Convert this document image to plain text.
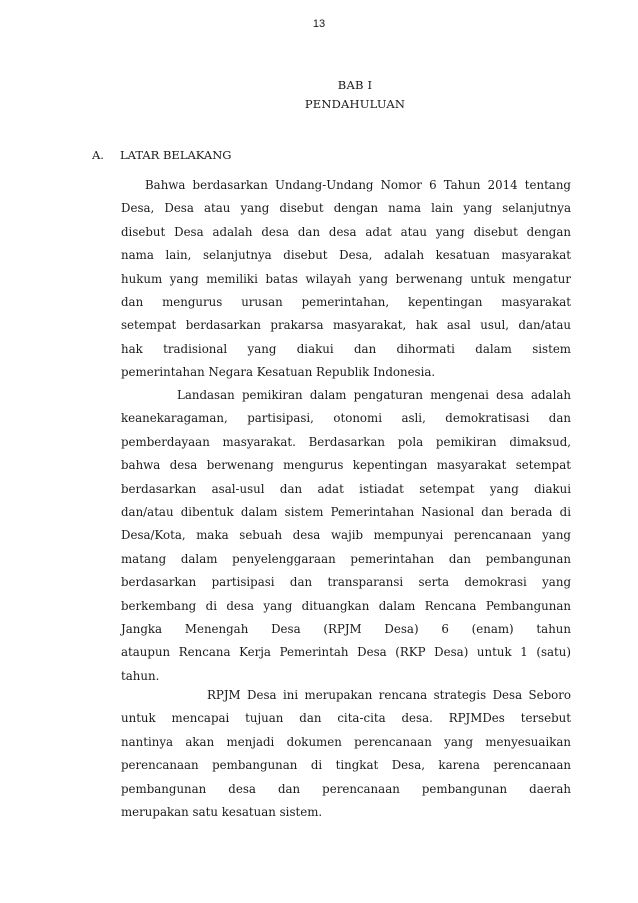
13
BAB I
PENDAHULUAN
A. LATAR BELAKANG
Bahwa berdasarkan Undang-Undang Nomor 6 Tahun 2014 tentang
Desa, Desa atau yang disebut dengan nama lain yang selanjutnya
disebut Desa adalah desa dan desa adat atau yang disebut dengan
nama lain, selanjutnya disebut Desa, adalah kesatuan masyarakat
hukum yang memiliki batas wilayah yang berwenang untuk mengatur
dan mengurus urusan pemerintahan, kepentingan masyarakat
setempat berdasarkan prakarsa masyarakat, hak asal usul, dan/atau
hak tradisional yang diakui dan dihormati dalam sistem
pemerintahan Negara Kesatuan Republik Indonesia.
Landasan pemikiran dalam pengaturan mengenai desa adalah
keanekaragaman, partisipasi, otonomi asli, demokratisasi dan
pemberdayaan masyarakat. Berdasarkan pola pemikiran dimaksud,
bahwa desa berwenang mengurus kepentingan masyarakat setempat
berdasarkan asal-usul dan adat istiadat setempat yang diakui
dan/atau dibentuk dalam sistem Pemerintahan Nasional dan berada di
Desa/Kota, maka sebuah desa wajib mempunyai perencanaan yang
matang dalam penyelenggaraan pemerintahan dan pembangunan
berdasarkan partisipasi dan transparansi serta demokrasi yang
berkembang di desa yang dituangkan dalam Rencana Pembangunan
Jangka Menengah Desa (RPJM Desa) 6 (enam) tahun
ataupun Rencana Kerja Pemerintah Desa (RKP Desa) untuk 1 (satu)
tahun.
RPJM Desa ini merupakan rencana strategis Desa Seboro
untuk mencapai tujuan dan cita-cita desa. RPJMDes tersebut
nantinya akan menjadi dokumen perencanaan yang menyesuaikan
perencanaan pembangunan di tingkat Desa, karena perencanaan
pembangunan desa dan perencanaan pembangunan daerah
merupakan satu kesatuan sistem.
